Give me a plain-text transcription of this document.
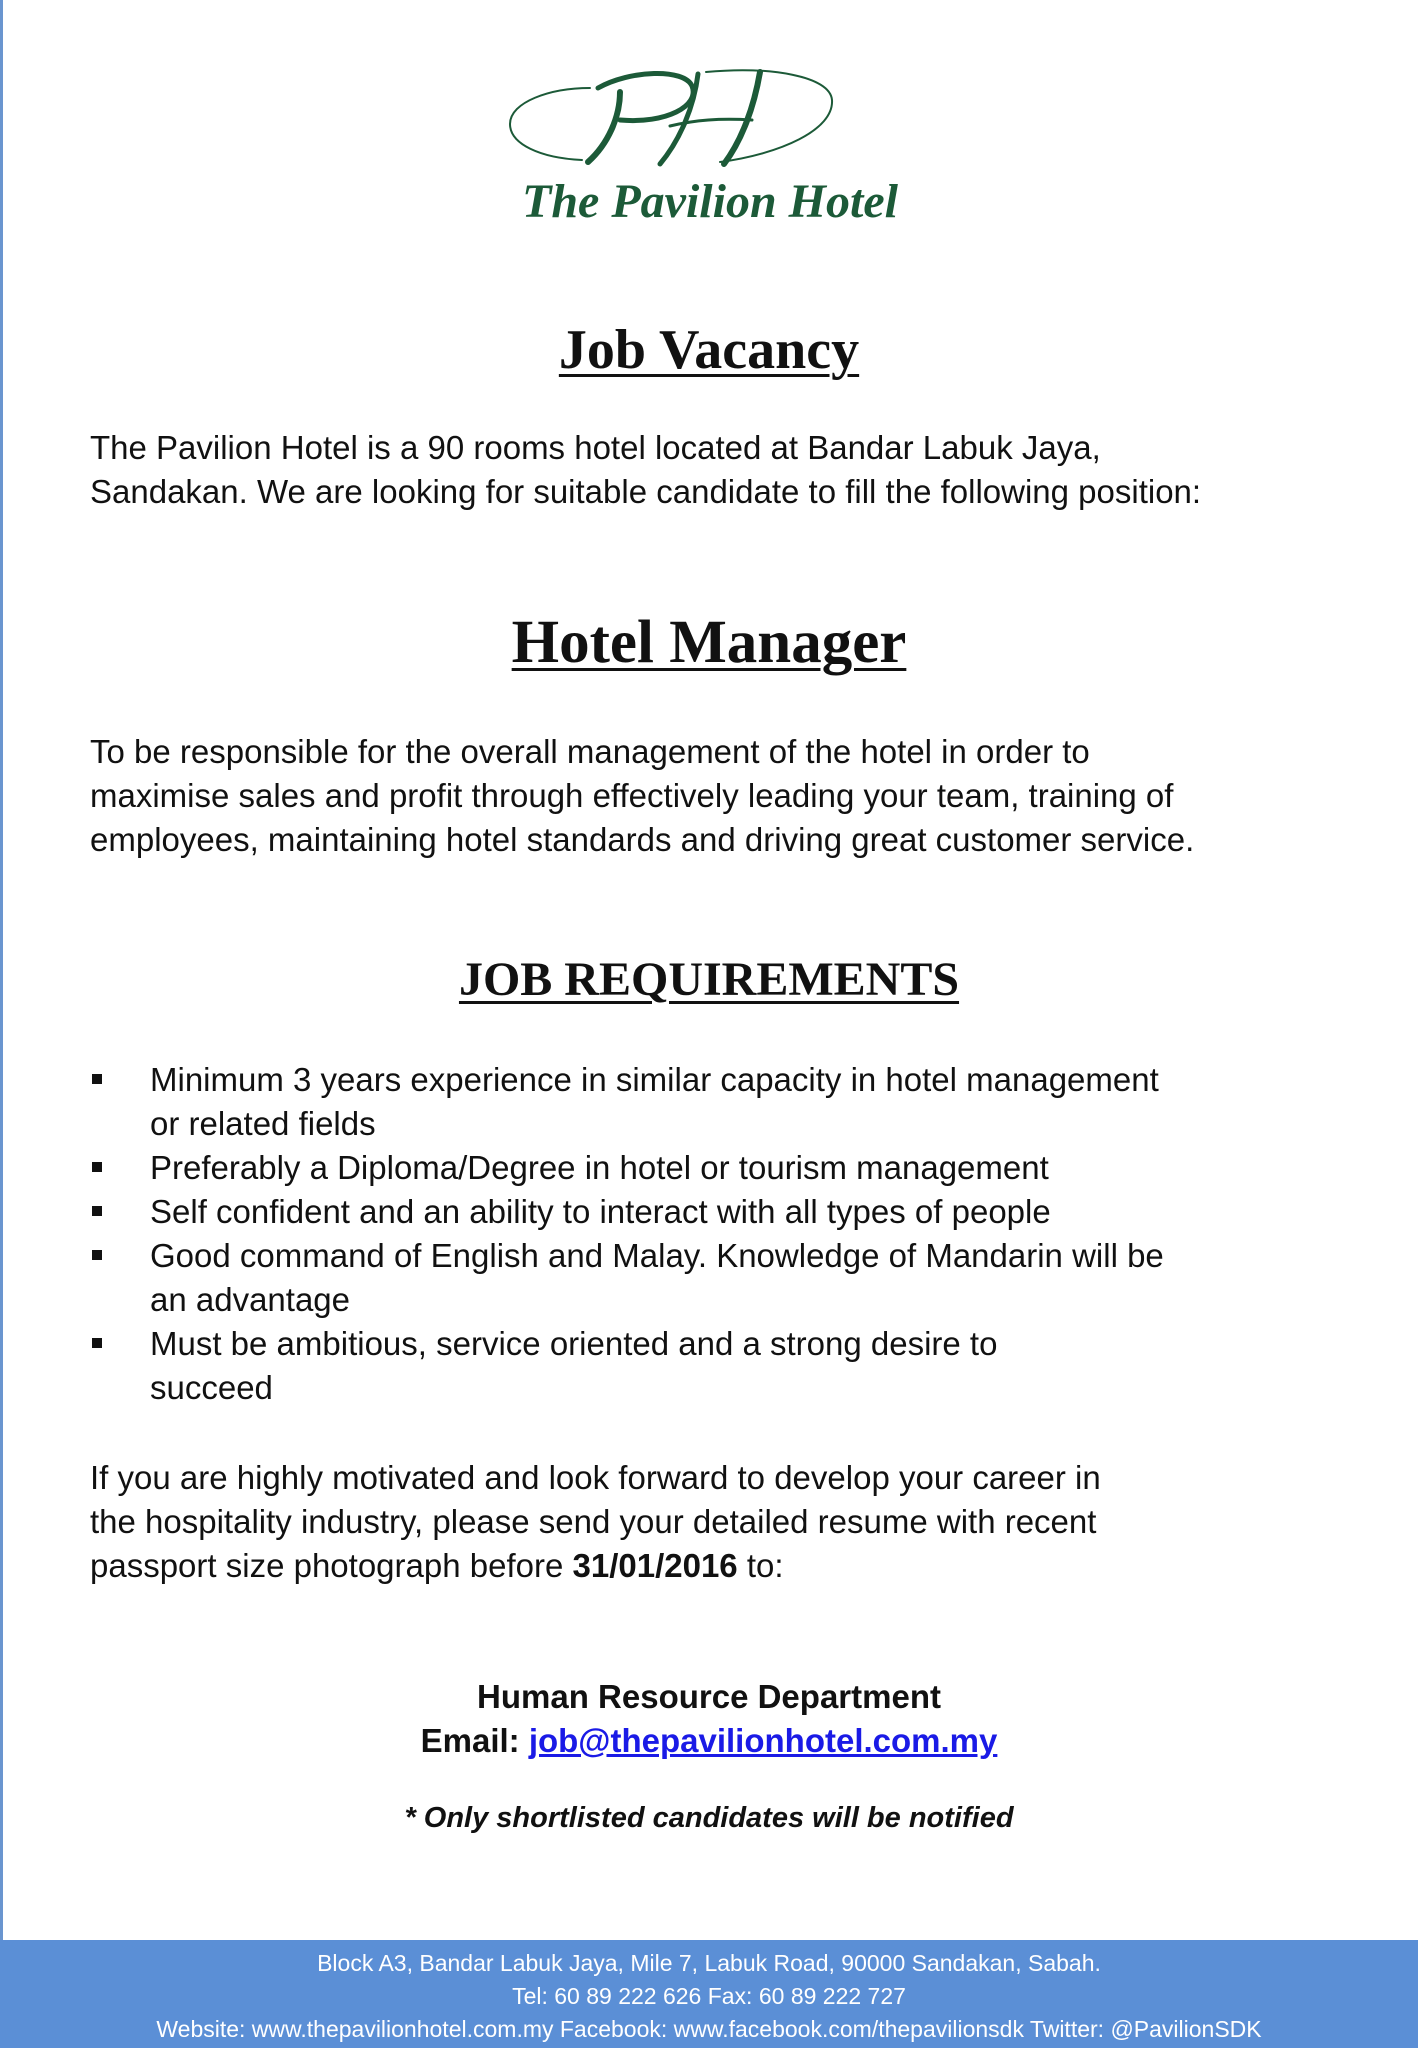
The Pavilion Hotel
Job Vacancy

The Pavilion Hotel is a 90 rooms hotel located at Bandar Labuk Jaya,
Sandakan. We are looking for suitable candidate to fill the following position:

Hotel Manager

To be responsible for the overall management of the hotel in order to
maximise sales and profit through effectively leading your team, training of
employees, maintaining hotel standards and driving great customer service.

JOB REQUIREMENTS
Minimum 3 years experience in similar capacity in hotel management
or related fields
Preferably a Diploma/Degree in hotel or tourism management
Self confident and an ability to interact with all types of people
Good command of English and Malay. Knowledge of Mandarin will be
an advantage
Must be ambitious, service oriented and a strong desire to
succeed

If you are highly motivated and look forward to develop your career in
the hospitality industry, please send your detailed resume with recent
passport size photograph before 31/01/2016 to:

Human Resource Department
Email: job@thepavilionhotel.com.my
* Only shortlisted candidates will be notified
Block A3, Bandar Labuk Jaya, Mile 7, Labuk Road, 90000 Sandakan, Sabah.
Tel: 60 89 222 626 Fax: 60 89 222 727
Website: www.thepavilionhotel.com.my Facebook: www.facebook.com/thepavilionsdk Twitter: @PavilionSDK
